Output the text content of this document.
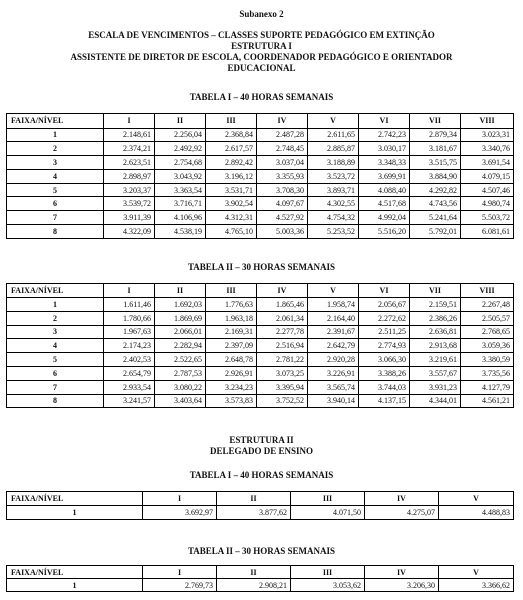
Subanexo 2
ESCALA DE VENCIMENTOS – CLASSES SUPORTE PEDAGÓGICO EM EXTINÇÃO
ESTRUTURA I
ASSISTENTE DE DIRETOR DE ESCOLA, COORDENADOR PEDAGÓGICO E ORIENTADOR
EDUCACIONAL
TABELA I – 40 HORAS SEMANAIS
FAIXA/NÍVEL	I	II	III	IV	V	VI	VII	VIII
1	2.148,61	2.256,04	2.368,84	2.487,28	2.611,65	2.742,23	2.879,34	3.023,31
2	2.374,21	2.492,92	2.617,57	2.748,45	2.885,87	3.030,17	3.181,67	3.340,76
3	2.623,51	2.754,68	2.892,42	3.037,04	3.188,89	3.348,33	3.515,75	3.691,54
4	2.898,97	3.043,92	3.196,12	3.355,93	3.523,72	3.699,91	3.884,90	4.079,15
5	3.203,37	3.363,54	3.531,71	3.708,30	3.893,71	4.088,40	4.292,82	4.507,46
6	3.539,72	3.716,71	3.902,54	4.097,67	4.302,55	4.517,68	4.743,56	4.980,74
7	3.911,39	4.106,96	4.312,31	4.527,92	4.754,32	4.992,04	5.241,64	5.503,72
8	4.322,09	4.538,19	4.765,10	5.003,36	5.253,52	5.516,20	5.792,01	6.081,61
TABELA II – 30 HORAS SEMANAIS
FAIXA/NÍVEL	I	II	III	IV	V	VI	VII	VIII
1	1.611,46	1.692,03	1.776,63	1.865,46	1.958,74	2.056,67	2.159,51	2.267,48
2	1.780,66	1.869,69	1.963,18	2.061,34	2.164,40	2.272,62	2.386,26	2.505,57
3	1.967,63	2.066,01	2.169,31	2.277,78	2.391,67	2.511,25	2.636,81	2.768,65
4	2.174,23	2.282,94	2.397,09	2.516,94	2.642,79	2.774,93	2.913,68	3.059,36
5	2.402,53	2.522,65	2.648,78	2.781,22	2.920,28	3.066,30	3.219,61	3.380,59
6	2.654,79	2.787,53	2.926,91	3.073,25	3.226,91	3.388,26	3.557,67	3.735,56
7	2.933,54	3.080,22	3.234,23	3.395,94	3.565,74	3.744,03	3.931,23	4.127,79
8	3.241,57	3.403,64	3.573,83	3.752,52	3.940,14	4.137,15	4.344,01	4.561,21
ESTRUTURA II
DELEGADO DE ENSINO
TABELA I – 40 HORAS SEMANAIS
FAIXA/NÍVEL	I	II	III	IV	V
1	3.692,97	3.877,62	4.071,50	4.275,07	4.488,83
TABELA II – 30 HORAS SEMANAIS
FAIXA/NÍVEL	I	II	III	IV	V
1	2.769,73	2.908,21	3.053,62	3.206,30	3.366,62
